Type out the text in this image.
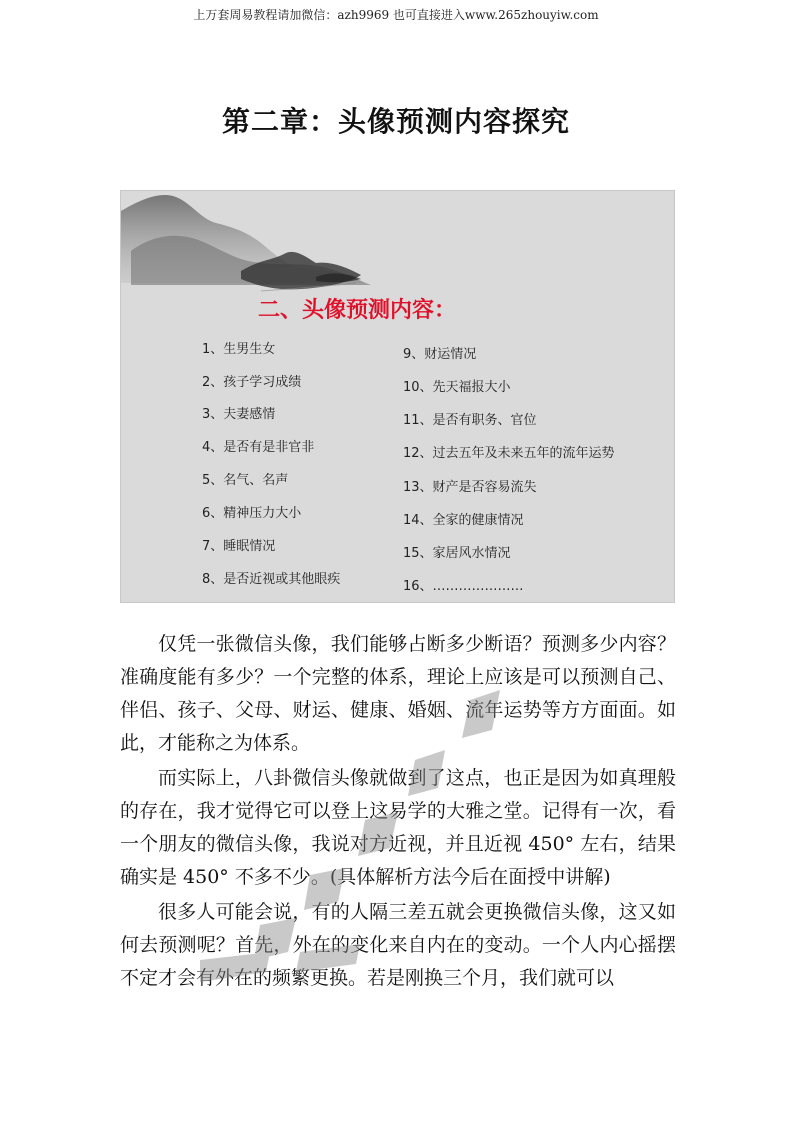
上万套周易教程请加微信：azh9969 也可直接进入www.265zhouyiw.com
第二章：头像预测内容探究
二、头像预测内容：
1、生男生女
2、孩子学习成绩
3、夫妻感情
4、是否有是非官非
5、名气、名声
6、精神压力大小
7、睡眠情况
8、是否近视或其他眼疾
9、财运情况
10、先天福报大小
11、是否有职务、官位
12、过去五年及未来五年的流年运势
13、财产是否容易流失
14、全家的健康情况
15、家居风水情况
16、…………………

仅凭一张微信头像，我们能够占断多少断语？预测多少内容？准确度能有多少？一个完整的体系，理论上应该是可以预测自己、伴侣、孩子、父母、财运、健康、婚姻、流年运势等方方面面。如此，才能称之为体系。

而实际上，八卦微信头像就做到了这点，也正是因为如真理般的存在，我才觉得它可以登上这易学的大雅之堂。记得有一次，看一个朋友的微信头像，我说对方近视，并且近视 450° 左右，结果确实是 450° 不多不少。(具体解析方法今后在面授中讲解)

很多人可能会说，有的人隔三差五就会更换微信头像，这又如何去预测呢？首先，外在的变化来自内在的变动。一个人内心摇摆不定才会有外在的频繁更换。若是刚换三个月，我们就可以
